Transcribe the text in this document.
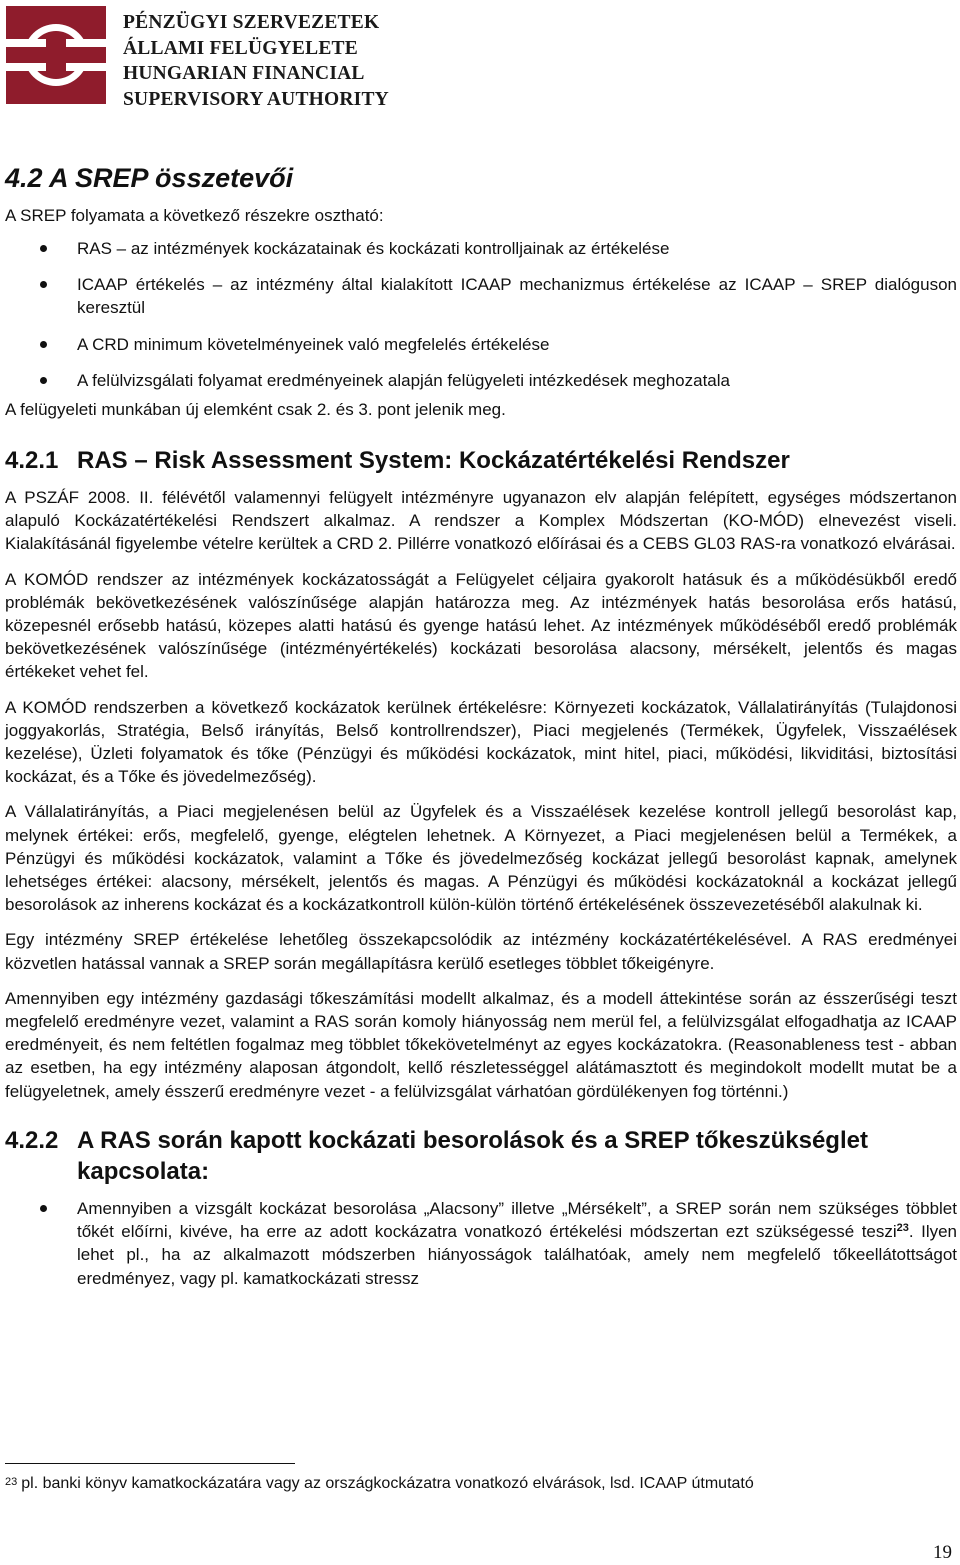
PÉNZÜGYI SZERVEZETEK
ÁLLAMI FELÜGYELETE
HUNGARIAN FINANCIAL
SUPERVISORY AUTHORITY
4.2 A SREP összetevői
A SREP folyamata a következő részekre osztható:
RAS – az intézmények kockázatainak és kockázati kontrolljainak az értékelése
ICAAP értékelés – az intézmény által kialakított ICAAP mechanizmus értékelése az ICAAP – SREP dialóguson keresztül
A CRD minimum követelményeinek való megfelelés értékelése
A felülvizsgálati folyamat eredményeinek alapján felügyeleti intézkedések meghozatala
A felügyeleti munkában új elemként csak 2. és 3. pont jelenik meg.
4.2.1 RAS – Risk Assessment System: Kockázatértékelési Rendszer

A PSZÁF 2008. II. félévétől valamennyi felügyelt intézményre ugyanazon elv alapján felépített, egységes módszertanon alapuló Kockázatértékelési Rendszert alkalmaz. A rendszer a Komplex Módszertan (KO-MÓD) elnevezést viseli. Kialakításánál figyelembe vételre kerültek a CRD 2. Pillérre vonatkozó előírásai és a CEBS GL03 RAS-ra vonatkozó elvárásai.

A KOMÓD rendszer az intézmények kockázatosságát a Felügyelet céljaira gyakorolt hatásuk és a működésükből eredő problémák bekövetkezésének valószínűsége alapján határozza meg. Az intézmények hatás besorolása erős hatású, közepesnél erősebb hatású, közepes alatti hatású és gyenge hatású lehet. Az intézmények működéséből eredő problémák bekövetkezésének valószínűsége (intézményértékelés) kockázati besorolása alacsony, mérsékelt, jelentős és magas értékeket vehet fel.

A KOMÓD rendszerben a következő kockázatok kerülnek értékelésre: Környezeti kockázatok, Vállalatirányítás (Tulajdonosi joggyakorlás, Stratégia, Belső irányítás, Belső kontrollrendszer), Piaci megjelenés (Termékek, Ügyfelek, Visszaélések kezelése), Üzleti folyamatok és tőke (Pénzügyi és működési kockázatok, mint hitel, piaci, működési, likviditási, biztosítási kockázat, és a Tőke és jövedelmezőség).

A Vállalatirányítás, a Piaci megjelenésen belül az Ügyfelek és a Visszaélések kezelése kontroll jellegű besorolást kap, melynek értékei: erős, megfelelő, gyenge, elégtelen lehetnek. A Környezet, a Piaci megjelenésen belül a Termékek, a Pénzügyi és működési kockázatok, valamint a Tőke és jövedelmezőség kockázat jellegű besorolást kapnak, amelynek lehetséges értékei: alacsony, mérsékelt, jelentős és magas. A Pénzügyi és működési kockázatoknál a kockázat jellegű besorolások az inherens kockázat és a kockázatkontroll külön-külön történő értékelésének összevezetéséből alakulnak ki.

Egy intézmény SREP értékelése lehetőleg összekapcsolódik az intézmény kockázatértékelésével. A RAS eredményei közvetlen hatással vannak a SREP során megállapításra kerülő esetleges többlet tőkeigényre.

Amennyiben egy intézmény gazdasági tőkeszámítási modellt alkalmaz, és a modell áttekintése során az ésszerűségi teszt megfelelő eredményre vezet, valamint a RAS során komoly hiányosság nem merül fel, a felülvizsgálat elfogadhatja az ICAAP eredményeit, és nem feltétlen fogalmaz meg többlet tőkekövetelményt az egyes kockázatokra. (Reasonableness test - abban az esetben, ha egy intézmény alaposan átgondolt, kellő részletességgel alátámasztott és megindokolt modellt mutat be a felügyeletnek, amely ésszerű eredményre vezet - a felülvizsgálat várhatóan gördülékenyen fog történni.)

4.2.2 A RAS során kapott kockázati besorolások és a SREP tőkeszükséglet kapcsolata:
Amennyiben a vizsgált kockázat besorolása „Alacsony” illetve „Mérsékelt”, a SREP során nem szükséges többlet tőkét előírni, kivéve, ha erre az adott kockázatra vonatkozó értékelési módszertan ezt szükségessé teszi$^{23}$. Ilyen lehet pl., ha az alkalmazott módszerben hiányosságok találhatóak, amely nem megfelelő tőkeellátottságot eredményez, vagy pl. kamatkockázati stressz
$^{23}$ pl. banki könyv kamatkockázatára vagy az országkockázatra vonatkozó elvárások, lsd. ICAAP útmutató
19
